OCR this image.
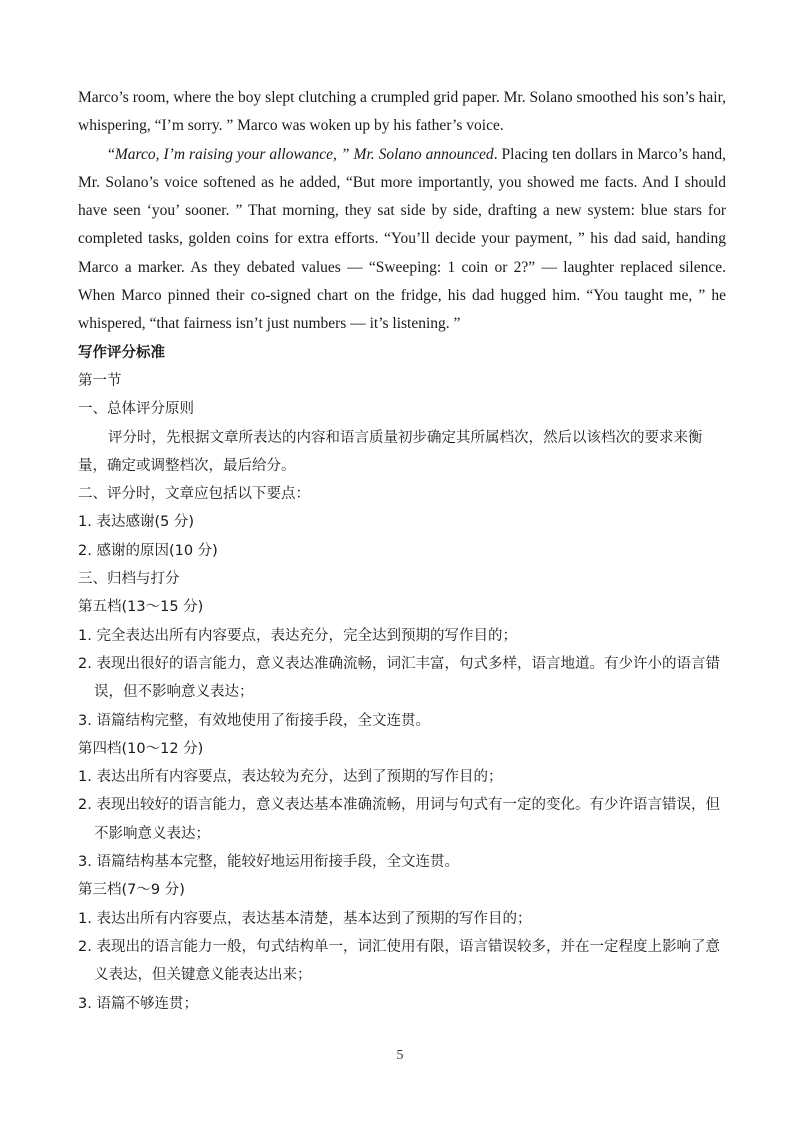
Marco’s room, where the boy slept clutching a crumpled grid paper. Mr. Solano smoothed his son’s hair, whispering, “I’m sorry. ” Marco was woken up by his father’s voice.

“Marco, I’m raising your allowance, ” Mr. Solano announced. Placing ten dollars in Marco’s hand, Mr. Solano’s voice softened as he added, “But more importantly, you showed me facts. And I should have seen ‘you’ sooner. ” That morning, they sat side by side, drafting a new system: blue stars for completed tasks, golden coins for extra efforts. “You’ll decide your payment, ” his dad said, handing Marco a marker. As they debated values — “Sweeping: 1 coin or 2?” — laughter replaced silence. When Marco pinned their co-signed chart on the fridge, his dad hugged him. “You taught me, ” he whispered, “that fairness isn’t just numbers — it’s listening. ”

写作评分标准

第一节

一、总体评分原则

评分时，先根据文章所表达的内容和语言质量初步确定其所属档次，然后以该档次的要求来衡量，确定或调整档次，最后给分。

二、评分时，文章应包括以下要点：

1. 表达感谢(5 分)

2. 感谢的原因(10 分)

三、归档与打分

第五档(13～15 分)

1. 完全表达出所有内容要点，表达充分，完全达到预期的写作目的；

2. 表现出很好的语言能力，意义表达准确流畅，词汇丰富，句式多样，语言地道。有少许小的语言错误，但不影响意义表达；

3. 语篇结构完整，有效地使用了衔接手段，全文连贯。

第四档(10～12 分)

1. 表达出所有内容要点，表达较为充分，达到了预期的写作目的；

2. 表现出较好的语言能力，意义表达基本准确流畅，用词与句式有一定的变化。有少许语言错误，但不影响意义表达；

3. 语篇结构基本完整，能较好地运用衔接手段，全文连贯。

第三档(7～9 分)

1. 表达出所有内容要点，表达基本清楚，基本达到了预期的写作目的；

2. 表现出的语言能力一般，句式结构单一，词汇使用有限，语言错误较多，并在一定程度上影响了意义表达，但关键意义能表达出来；

3. 语篇不够连贯；

5
